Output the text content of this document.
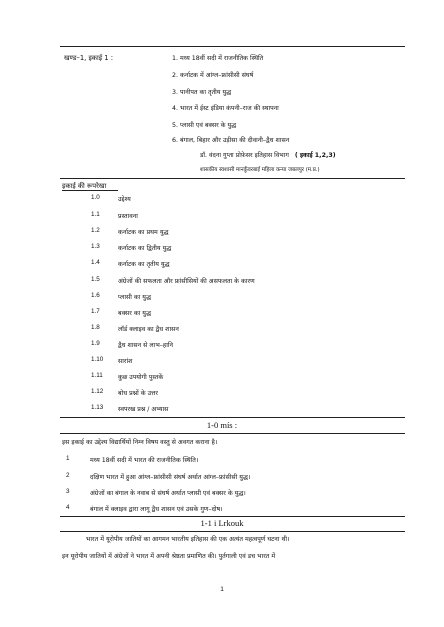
खण्ड–1, इकाई 1 :	1. मध्य 18वीं सदी में राजनीतिक स्थिति
2. कर्नाटक में आंग्ल–फ्रांसीसी संघर्ष
3. पानीपत का तृतीय युद्ध
4. भारत में ईस्ट इंडिया कंपनी–राज की स्थापना
5. प्लासी एवं बक्सर के युद्ध
6. बंगाल, बिहार और उड़ीसा की दीवानी–द्वैध शासन
डॉ. वंदना गुप्ता प्रोफ़ेसर इतिहास विभाग ( इकाई 1,2,3)
शासकीय स्वशासी मानकुँवरबाई महिला कन्या जबलपुर (म.प्र.)
इकाई की रूपरेखा
1.0	उद्देश्य
1.1	प्रस्तावना
1.2	कर्नाटक का प्रथम युद्ध
1.3	कर्नाटक का द्वितीय युद्ध
1.4	कर्नाटक का तृतीय युद्ध
1.5	अंग्रेजों की सफलता और फ्रांसीसियों की असफलता के कारण
1.6	प्लासी का युद्ध
1.7	बक्सर का युद्ध
1.8	लॉर्ड क्लाइव का द्वैध शासन
1.9	द्वैध शासन से लाभ–हानि
1.10 सारांश
1.11 कुछ उपयोगी पुस्तकें
1.12 बोध प्रश्नों के उत्तर
1.13 स्वपरख प्रश्न / अभ्यास
1-0 mís :
इस इकाई का उद्देश्य विद्यार्थियों निम्न विषय वस्तु से अवगत कराना है।
1	मध्य 18वीं सदी में भारत की राजनीतिक स्थिति।
2	दक्षिण भारत में हुआ आंग्ल–फ्रांसीसी संघर्ष अर्थात आंग्ल–फ्रांसीसी युद्ध।
3	अंग्रेजों का बंगाल के नवाब से संघर्ष अर्थात प्लासी एवं बक्सर के युद्ध।
4	बंगाल में क्लाइव द्वारा लागू द्वैध शासन एवं उसके गुण–दोष।
1-1 i Lrkouk
भारत में यूरोपीय जातियों का आगमन भारतीय इतिहास की एक अत्यंत महत्वपूर्ण घटना थी।
इन यूरोपीय जातियों में अंग्रेजों ने भारत में अपनी श्रेष्ठता प्रमाणित की। पुर्तगाली एवं डच भारत में
1
